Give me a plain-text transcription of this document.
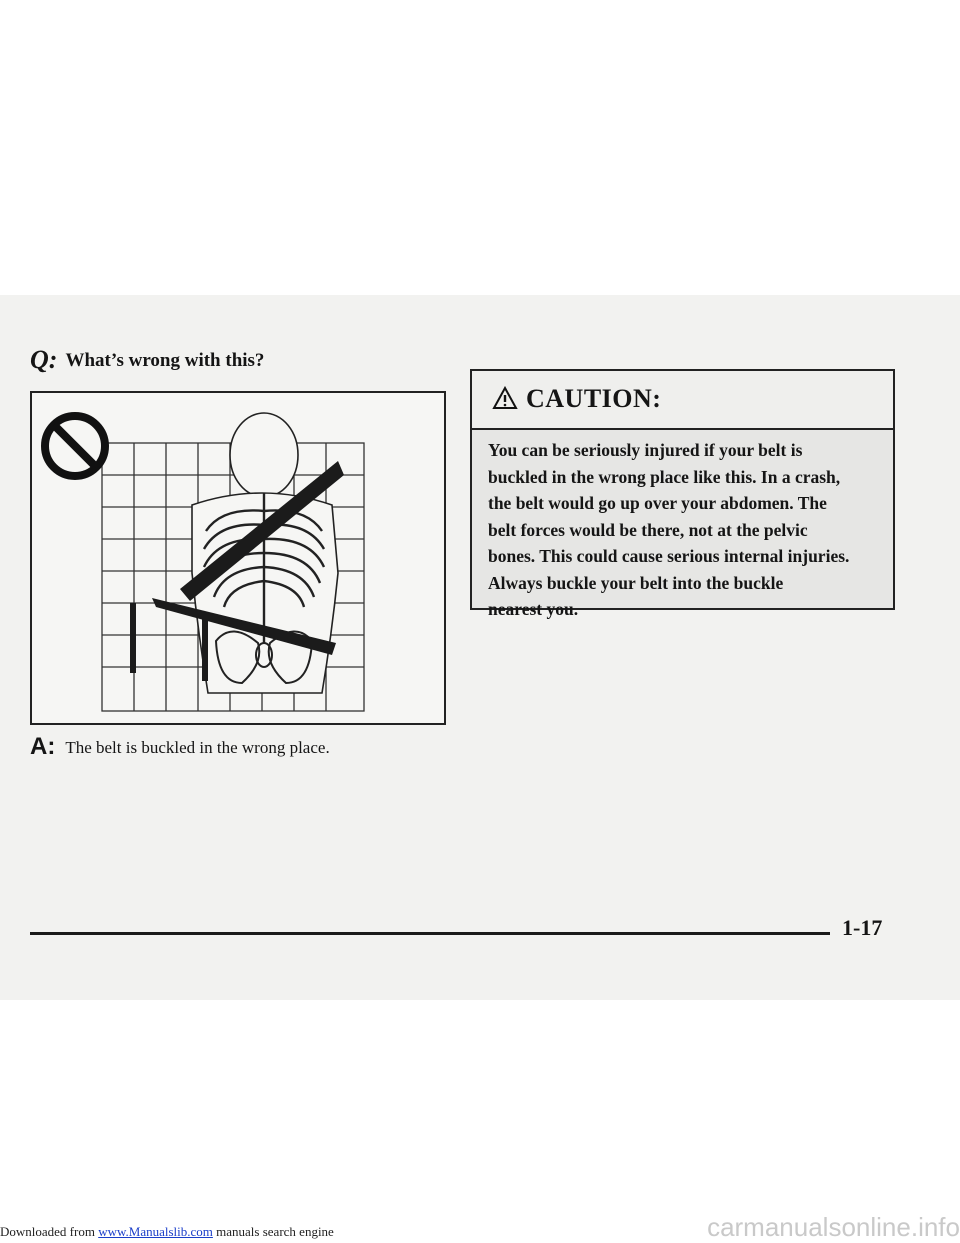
Q: What’s wrong with this?
A: The belt is buckled in the wrong place.
CAUTION:
You can be seriously injured if your belt is
buckled in the wrong place like this. In a crash,
the belt would go up over your abdomen. The
belt forces would be there, not at the pelvic
bones. This could cause serious internal injuries.
Always buckle your belt into the buckle
nearest you.
1-17
Downloaded from www.Manualslib.com manuals search engine	carmanualsonline.info
